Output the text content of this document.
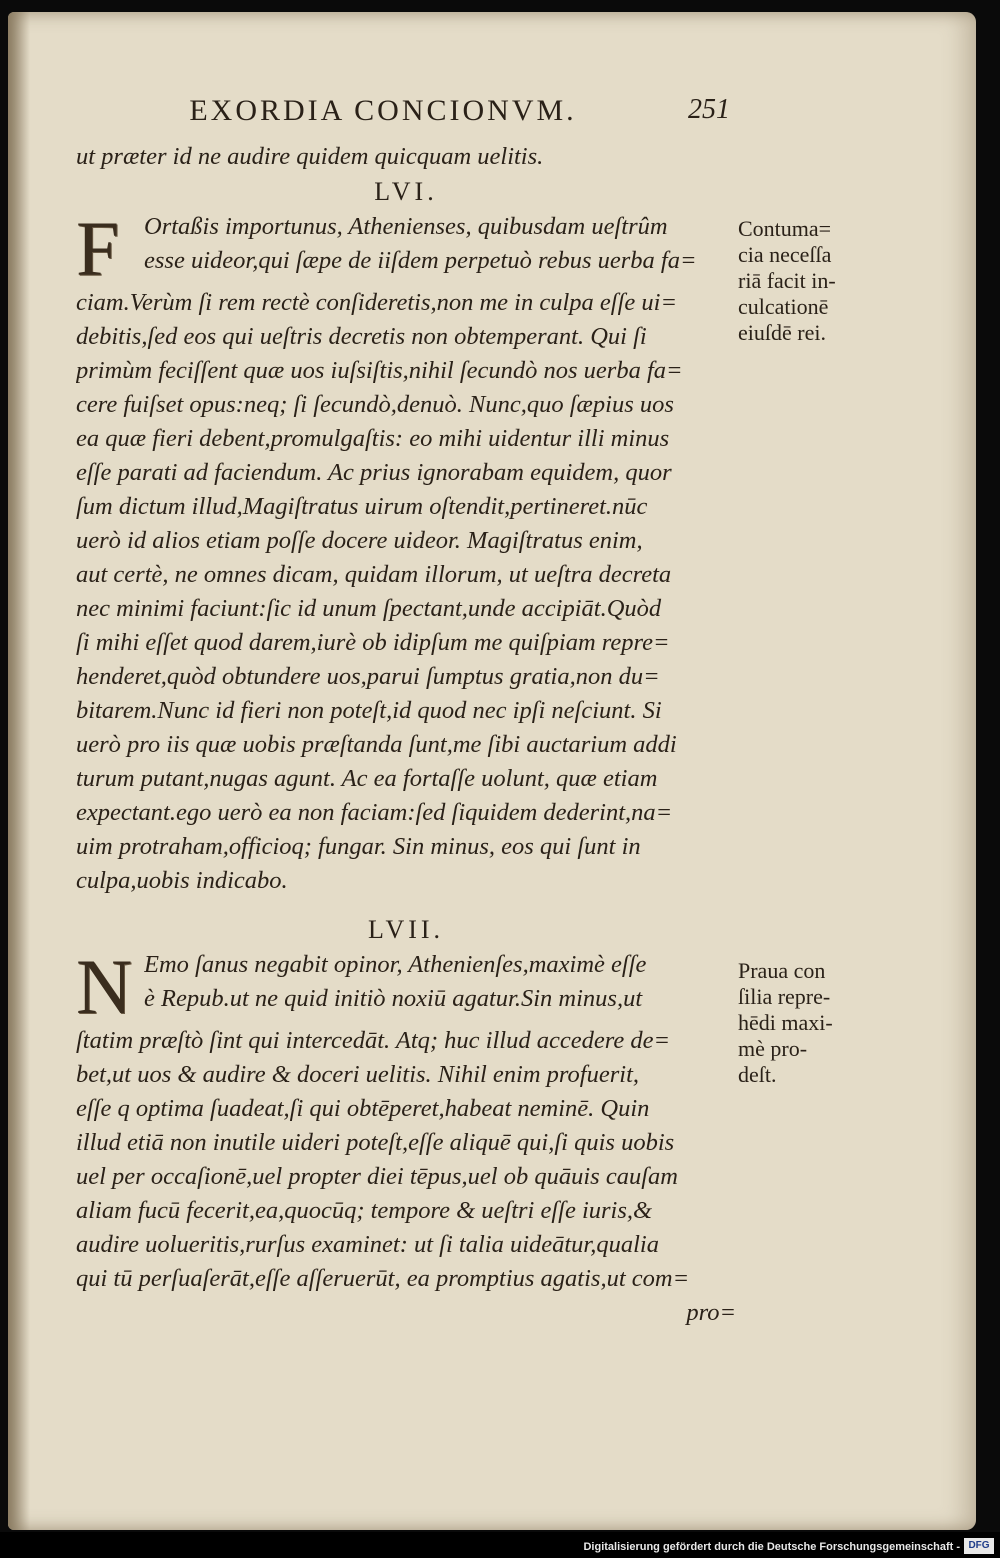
EXORDIA CONCIONVM.	251
ut præter id ne audire quidem quicquam uelitis.
LVI.
F	Ortaßis importunus, Athenienses, quibusdam ueſtrûm
esse uideor,qui ſæpe de iiſdem perpetuò rebus uerba fa=
ciam.Verùm ſi rem rectè conſideretis,non me in culpa eſſe ui=
debitis,ſed eos qui ueſtris decretis non obtemperant. Qui ſi
primùm feciſſent quæ uos iuſsiſtis,nihil ſecundò nos uerba fa=
cere fuiſset opus:neq; ſi ſecundò,denuò. Nunc,quo ſæpius uos
ea quæ fieri debent,promulgaſtis: eo mihi uidentur illi minus
eſſe parati ad faciendum. Ac prius ignorabam equidem, quor
ſum dictum illud,Magiſtratus uirum oſtendit,pertineret.nūc
uerò id alios etiam poſſe docere uideor. Magiſtratus enim,
aut certè, ne omnes dicam, quidam illorum, ut ueſtra decreta
nec minimi faciunt:ſic id unum ſpectant,unde accipiāt.Quòd
ſi mihi eſſet quod darem,iurè ob idipſum me quiſpiam repre=
henderet,quòd obtundere uos,parui ſumptus gratia,non du=
bitarem.Nunc id fieri non poteſt,id quod nec ipſi neſciunt. Si
uerò pro iis quæ uobis præſtanda ſunt,me ſibi auctarium addi
turum putant,nugas agunt. Ac ea fortaſſe uolunt, quæ etiam
expectant.ego uerò ea non faciam:ſed ſiquidem dederint,na=
uim protraham,officioq; fungar. Sin minus, eos qui ſunt in
culpa,uobis indicabo.
LVII.
N Emo ſanus negabit opinor, Athenienſes,maximè eſſe
è Repub.ut ne quid initiò noxiū agatur.Sin minus,ut
ſtatim præſtò ſint qui intercedāt. Atq; huc illud accedere de=
bet,ut uos & audire & doceri uelitis. Nihil enim profuerit,
eſſe q optima ſuadeat,ſi qui obtēperet,habeat neminē. Quin
illud etiā non inutile uideri poteſt,eſſe aliquē qui,ſi quis uobis
uel per occaſionē,uel propter diei tēpus,uel ob quāuis cauſam
aliam fucū fecerit,ea,quocūq; tempore & ueſtri eſſe iuris,&
audire uolueritis,rurſus examinet: ut ſi talia uideātur,qualia
qui tū perſuaſerāt,eſſe aſſeruerūt, ea promptius agatis,ut com=
pro=
Contuma=
cia neceſſa
riā facit in-
culcationē
eiuſdē rei.
Praua con
ſilia repre-
hēdi maxi-
mè pro-
deſt.
Digitalisierung gefördert durch die Deutsche Forschungsgemeinschaft - DFG
